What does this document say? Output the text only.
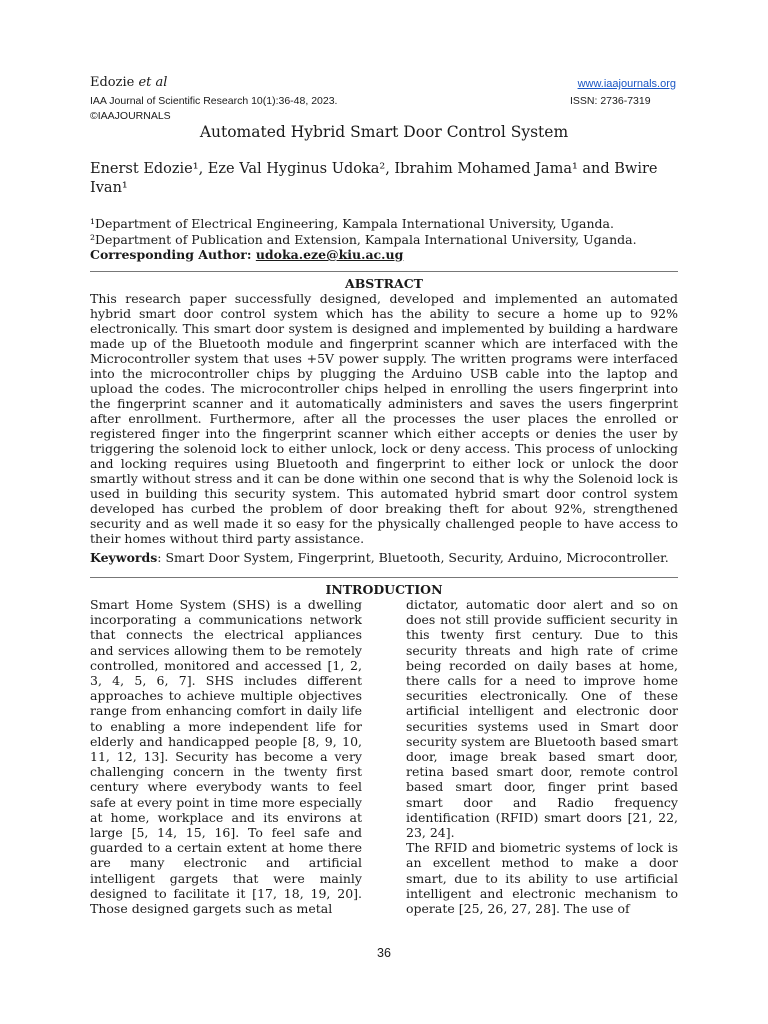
Edozie et al	www.iaajournals.org
IAA Journal of Scientific Research 10(1):36-48, 2023.	ISSN: 2736-7319
©IAAJOURNALS
Automated Hybrid Smart Door Control System
Enerst Edozie¹, Eze Val Hyginus Udoka², Ibrahim Mohamed Jama¹ and Bwire Ivan¹
¹Department of Electrical Engineering, Kampala International University, Uganda.
²Department of Publication and Extension, Kampala International University, Uganda.
Corresponding Author: udoka.eze@kiu.ac.ug
ABSTRACT
This research paper successfully designed, developed and implemented an automated hybrid smart door control system which has the ability to secure a home up to 92% electronically. This smart door system is designed and implemented by building a hardware made up of the Bluetooth module and fingerprint scanner which are interfaced with the Microcontroller system that uses +5V power supply. The written programs were interfaced into the microcontroller chips by plugging the Arduino USB cable into the laptop and upload the codes. The microcontroller chips helped in enrolling the users fingerprint into the fingerprint scanner and it automatically administers and saves the users fingerprint after enrollment. Furthermore, after all the processes the user places the enrolled or registered finger into the fingerprint scanner which either accepts or denies the user by triggering the solenoid lock to either unlock, lock or deny access. This process of unlocking and locking requires using Bluetooth and fingerprint to either lock or unlock the door smartly without stress and it can be done within one second that is why the Solenoid lock is used in building this security system. This automated hybrid smart door control system developed has curbed the problem of door breaking theft for about 92%, strengthened security and as well made it so easy for the physically challenged people to have access to their homes without third party assistance.
Keywords: Smart Door System, Fingerprint, Bluetooth, Security, Arduino, Microcontroller.
INTRODUCTION

Smart Home System (SHS) is a dwelling incorporating a communications network that connects the electrical appliances and services allowing them to be remotely controlled, monitored and accessed [1, 2, 3, 4, 5, 6, 7]. SHS includes different approaches to achieve multiple objectives range from enhancing comfort in daily life to enabling a more independent life for elderly and handicapped people [8, 9, 10, 11, 12, 13]. Security has become a very challenging concern in the twenty first century where everybody wants to feel safe at every point in time more especially at home, workplace and its environs at large [5, 14, 15, 16]. To feel safe and guarded to a certain extent at home there are many electronic and artificial intelligent gargets that were mainly designed to facilitate it [17, 18, 19, 20]. Those designed gargets such as metal

dictator, automatic door alert and so on does not still provide sufficient security in this twenty first century. Due to this security threats and high rate of crime being recorded on daily bases at home, there calls for a need to improve home securities electronically. One of these artificial intelligent and electronic door securities systems used in Smart door security system are Bluetooth based smart door, image break based smart door, retina based smart door, remote control based smart door, finger print based smart door and Radio frequency identification (RFID) smart doors [21, 22, 23, 24].

The RFID and biometric systems of lock is an excellent method to make a door smart, due to its ability to use artificial intelligent and electronic mechanism to operate [25, 26, 27, 28]. The use of

36
